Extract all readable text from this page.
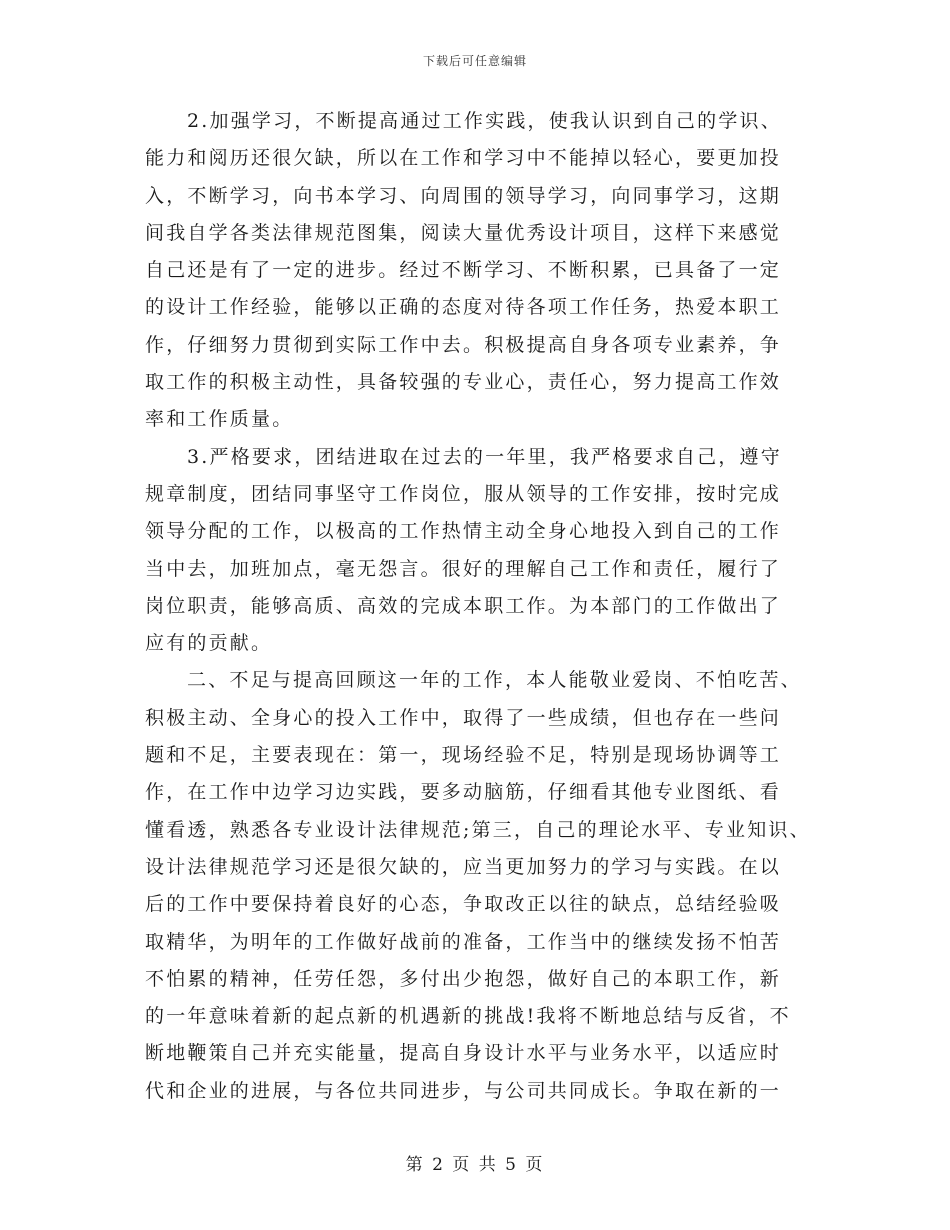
下载后可任意编辑
2.加强学习，不断提高通过工作实践，使我认识到自己的学识、
能力和阅历还很欠缺，所以在工作和学习中不能掉以轻心，要更加投
入，不断学习，向书本学习、向周围的领导学习，向同事学习，这期
间我自学各类法律规范图集，阅读大量优秀设计项目，这样下来感觉
自己还是有了一定的进步。经过不断学习、不断积累，已具备了一定
的设计工作经验，能够以正确的态度对待各项工作任务，热爱本职工
作，仔细努力贯彻到实际工作中去。积极提高自身各项专业素养，争
取工作的积极主动性，具备较强的专业心，责任心，努力提高工作效
率和工作质量。
3.严格要求，团结进取在过去的一年里，我严格要求自己，遵守
规章制度，团结同事坚守工作岗位，服从领导的工作安排，按时完成
领导分配的工作，以极高的工作热情主动全身心地投入到自己的工作
当中去，加班加点，毫无怨言。很好的理解自己工作和责任，履行了
岗位职责，能够高质、高效的完成本职工作。为本部门的工作做出了
应有的贡献。
二、不足与提高回顾这一年的工作，本人能敬业爱岗、不怕吃苦、
积极主动、全身心的投入工作中，取得了一些成绩，但也存在一些问
题和不足，主要表现在：第一，现场经验不足，特别是现场协调等工
作，在工作中边学习边实践，要多动脑筋，仔细看其他专业图纸、看
懂看透，熟悉各专业设计法律规范;第三，自己的理论水平、专业知识、
设计法律规范学习还是很欠缺的，应当更加努力的学习与实践。在以
后的工作中要保持着良好的心态，争取改正以往的缺点，总结经验吸
取精华，为明年的工作做好战前的准备，工作当中的继续发扬不怕苦
不怕累的精神，任劳任怨，多付出少抱怨，做好自己的本职工作，新
的一年意味着新的起点新的机遇新的挑战!我将不断地总结与反省，不
断地鞭策自己并充实能量，提高自身设计水平与业务水平，以适应时
代和企业的进展，与各位共同进步，与公司共同成长。争取在新的一
第 2 页 共 5 页
